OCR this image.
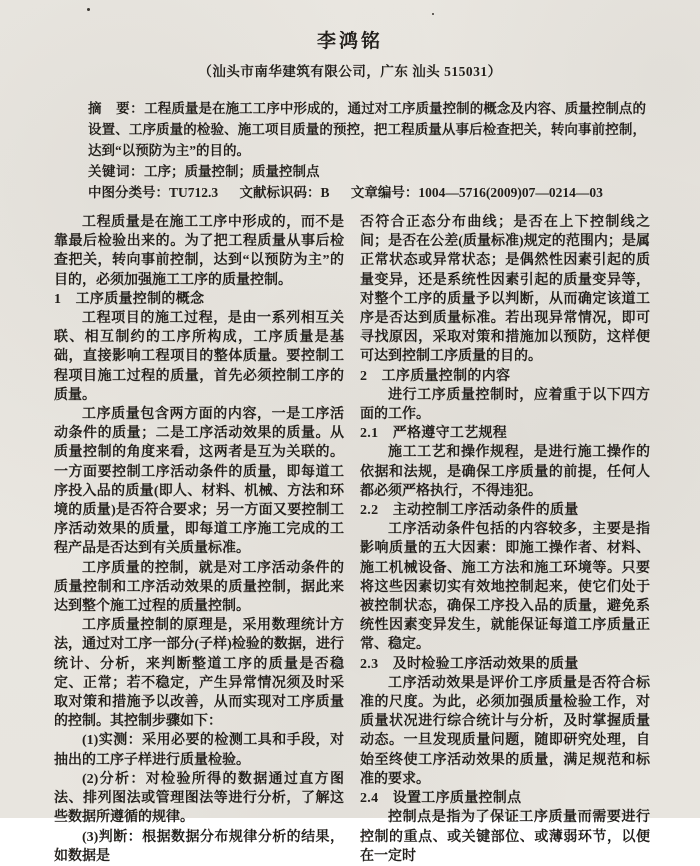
李鸿铭
（汕头市南华建筑有限公司，广东 汕头 515031）

摘　要：工程质量是在施工工序中形成的，通过对工序质量控制的概念及内容、质量控制点的设置、工序质量的检验、施工项目质量的预控，把工程质量从事后检查把关，转向事前控制，达到“以预防为主”的目的。

关键词：工序；质量控制；质量控制点

中图分类号：TU712.3 文献标识码：B 文章编号：1004—5716(2009)07—0214—03

工程质量是在施工工序中形成的，而不是靠最后检验出来的。为了把工程质量从事后检查把关，转向事前控制，达到“以预防为主”的目的，必须加强施工工序的质量控制。

1　工序质量控制的概念

工程项目的施工过程，是由一系列相互关联、相互制约的工序所构成，工序质量是基础，直接影响工程项目的整体质量。要控制工程项目施工过程的质量，首先必须控制工序的质量。

工序质量包含两方面的内容，一是工序活动条件的质量；二是工序活动效果的质量。从质量控制的角度来看，这两者是互为关联的。一方面要控制工序活动条件的质量，即每道工序投入品的质量(即人、材料、机械、方法和环境的质量)是否符合要求；另一方面又要控制工序活动效果的质量，即每道工序施工完成的工程产品是否达到有关质量标准。

工序质量的控制，就是对工序活动条件的质量控制和工序活动效果的质量控制，据此来达到整个施工过程的质量控制。

工序质量控制的原理是，采用数理统计方法，通过对工序一部分(子样)检验的数据，进行统计、分析，来判断整道工序的质量是否稳定、正常；若不稳定，产生异常情况须及时采取对策和措施予以改善，从而实现对工序质量的控制。其控制步骤如下：

(1)实测：采用必要的检测工具和手段，对抽出的工序子样进行质量检验。

(2)分析：对检验所得的数据通过直方图法、排列图法或管理图法等进行分析，了解这些数据所遵循的规律。

(3)判断：根据数据分布规律分析的结果，如数据是

否符合正态分布曲线；是否在上下控制线之间；是否在公差(质量标准)规定的范围内；是属正常状态或异常状态；是偶然性因素引起的质量变异，还是系统性因素引起的质量变异等，对整个工序的质量予以判断，从而确定该道工序是否达到质量标准。若出现异常情况，即可寻找原因，采取对策和措施加以预防，这样便可达到控制工序质量的目的。

2　工序质量控制的内容

进行工序质量控制时，应着重于以下四方面的工作。

2.1　严格遵守工艺规程

施工工艺和操作规程，是进行施工操作的依据和法规，是确保工序质量的前提，任何人都必须严格执行，不得违犯。

2.2　主动控制工序活动条件的质量

工序活动条件包括的内容较多，主要是指影响质量的五大因素：即施工操作者、材料、施工机械设备、施工方法和施工环境等。只要将这些因素切实有效地控制起来，使它们处于被控制状态，确保工序投入品的质量，避免系统性因素变异发生，就能保证每道工序质量正常、稳定。

2.3　及时检验工序活动效果的质量

工序活动效果是评价工序质量是否符合标准的尺度。为此，必须加强质量检验工作，对质量状况进行综合统计与分析，及时掌握质量动态。一旦发现质量问题，随即研究处理，自始至终使工序活动效果的质量，满足规范和标准的要求。

2.4　设置工序质量控制点

控制点是指为了保证工序质量而需要进行控制的重点、或关键部位、或薄弱环节，以便在一定时
